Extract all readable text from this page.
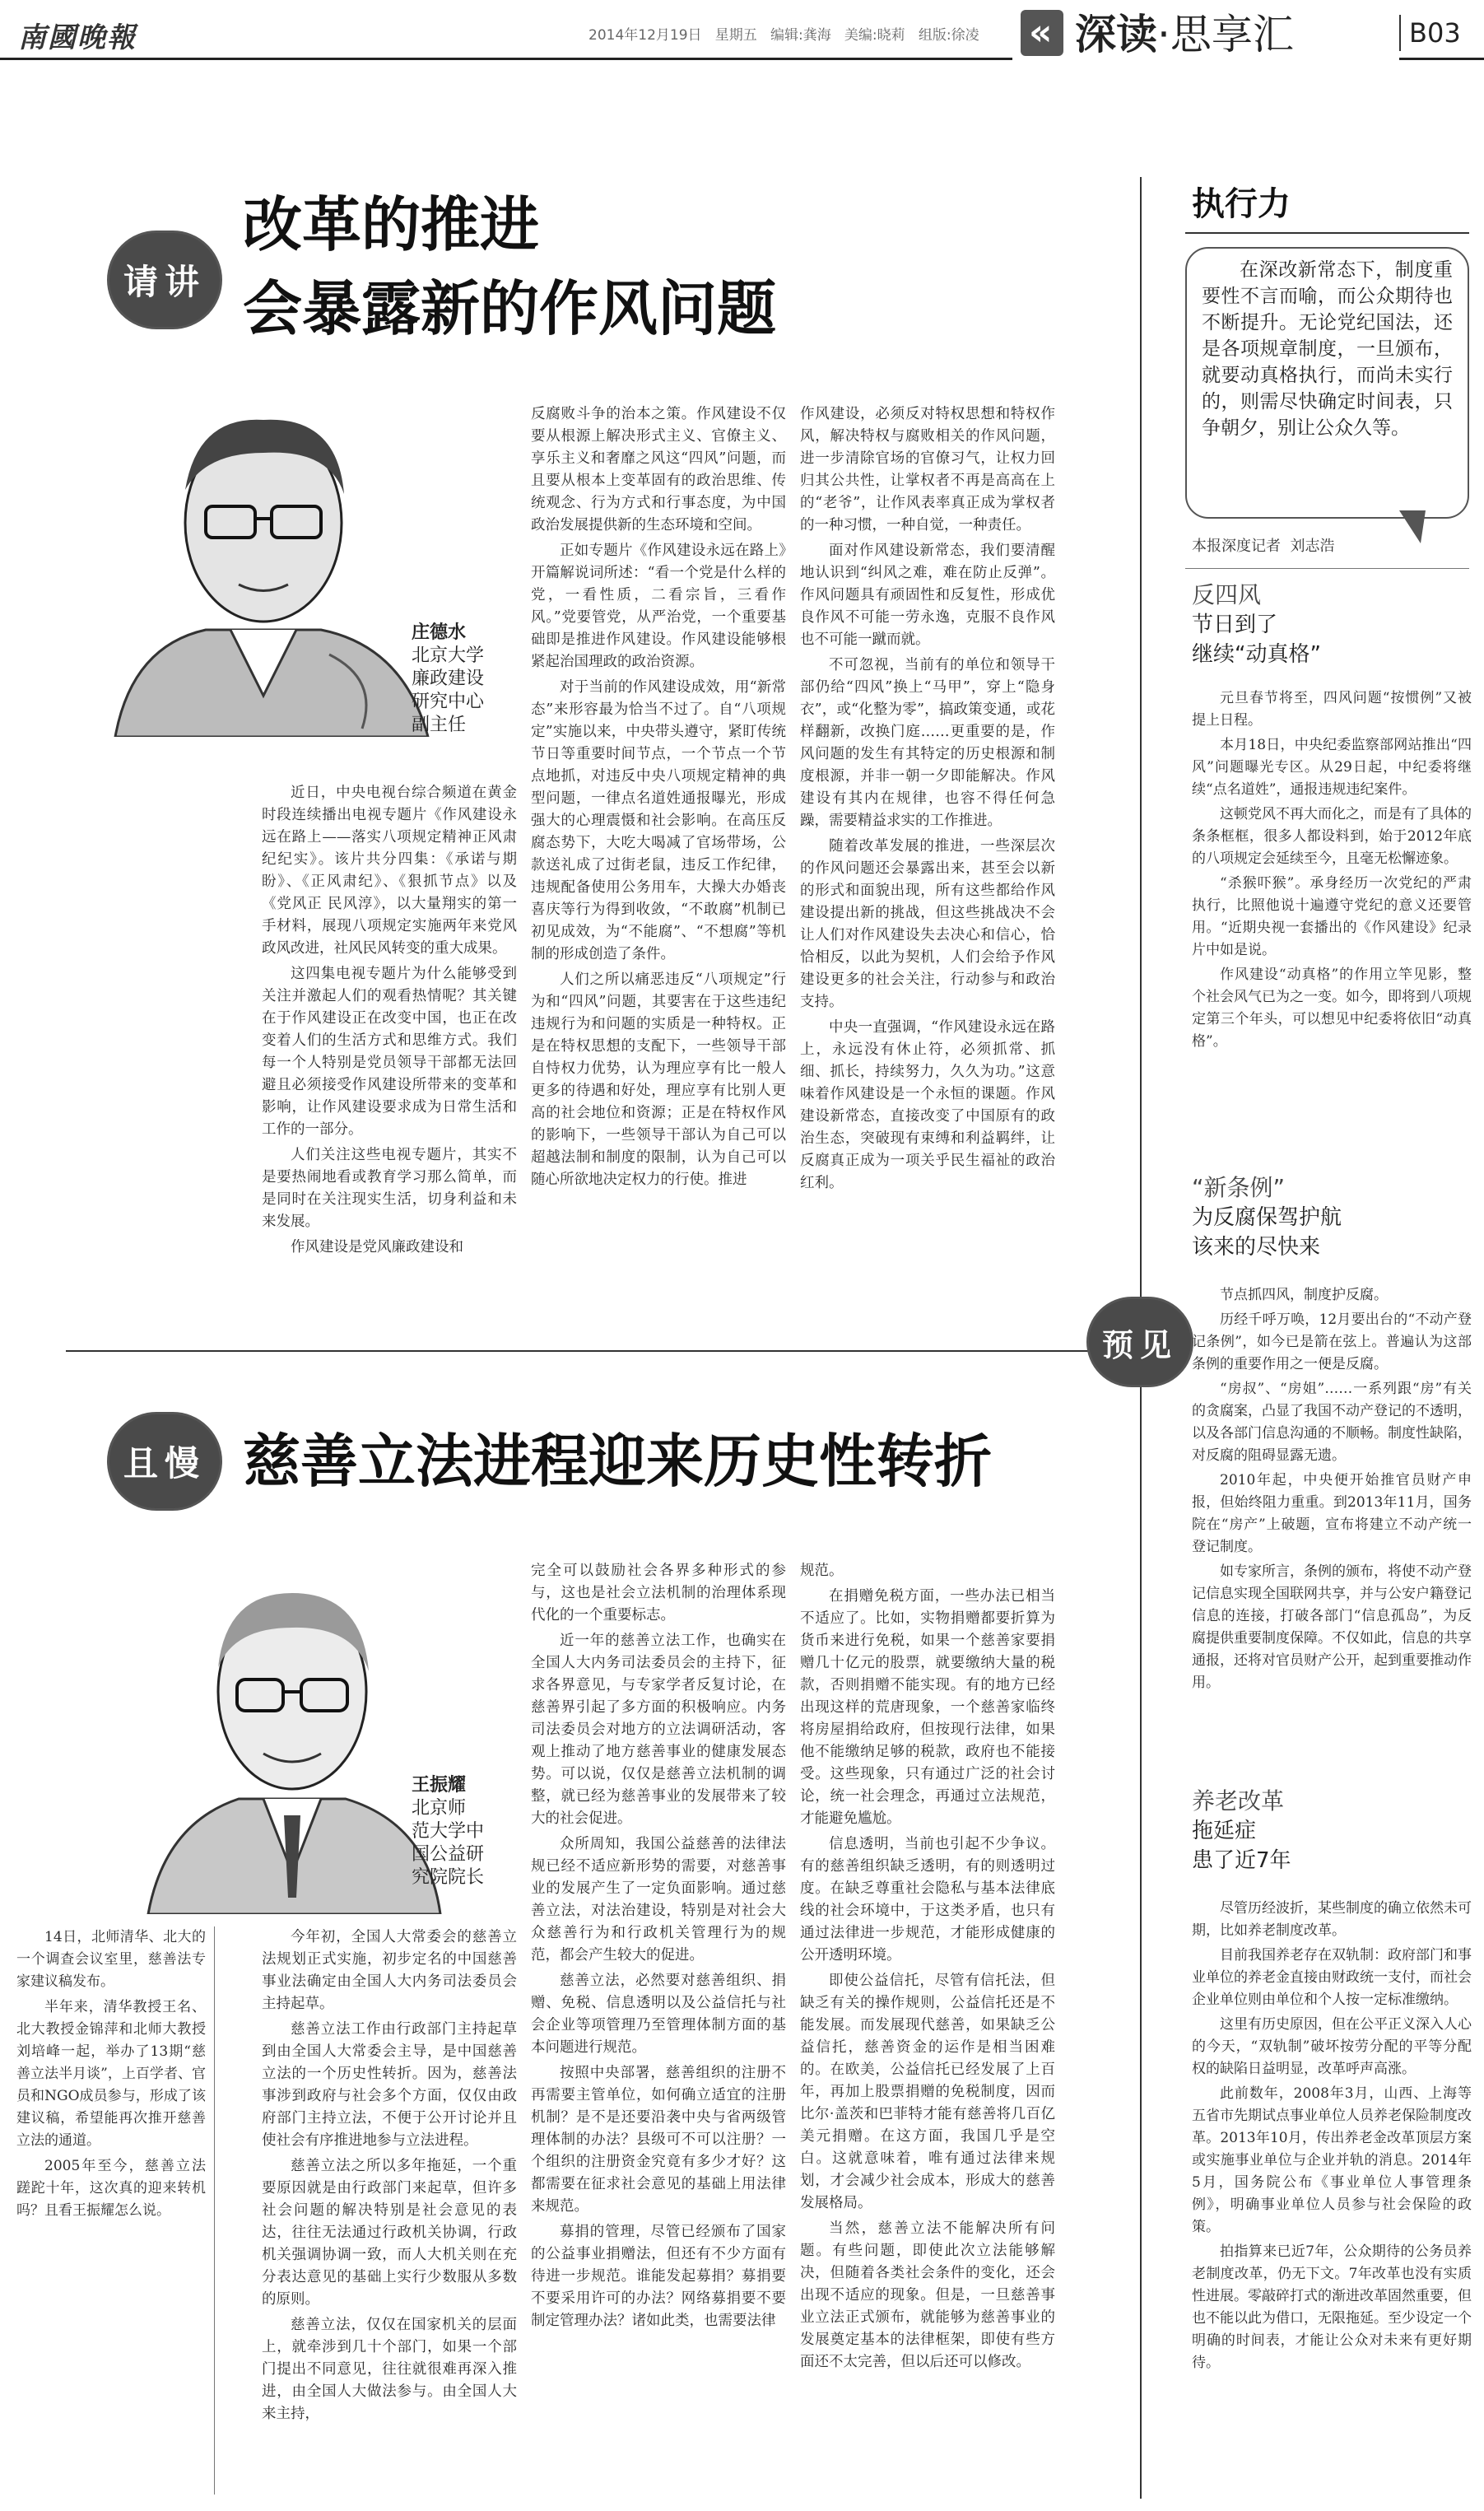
南國晚報	2014年12月19日 星期五 编辑:龚海 美编:晓莉 组版:徐凌 « 深读·思享汇	B03
请讲
改革的推进
会暴露新的作风问题
庄德水
北京大学
廉政建设
研究中心
副主任

近日，中央电视台综合频道在黄金时段连续播出电视专题片《作风建设永远在路上——落实八项规定精神正风肃纪纪实》。该片共分四集：《承诺与期盼》、《正风肃纪》、《狠抓节点》以及《党风正 民风淳》，以大量翔实的第一手材料，展现八项规定实施两年来党风政风改进，社风民风转变的重大成果。

这四集电视专题片为什么能够受到关注并激起人们的观看热情呢？其关键在于作风建设正在改变中国，也正在改变着人们的生活方式和思维方式。我们每一个人特别是党员领导干部都无法回避且必须接受作风建设所带来的变革和影响，让作风建设要求成为日常生活和工作的一部分。

人们关注这些电视专题片，其实不是要热闹地看或教育学习那么简单，而是同时在关注现实生活，切身利益和未来发展。

作风建设是党风廉政建设和

反腐败斗争的治本之策。作风建设不仅要从根源上解决形式主义、官僚主义、享乐主义和奢靡之风这“四风”问题，而且要从根本上变革固有的政治思维、传统观念、行为方式和行事态度，为中国政治发展提供新的生态环境和空间。

正如专题片《作风建设永远在路上》开篇解说词所述：“看一个党是什么样的党，一看性质，二看宗旨，三看作风。”党要管党，从严治党，一个重要基础即是推进作风建设。作风建设能够根紧起治国理政的政治资源。

对于当前的作风建设成效，用“新常态”来形容最为恰当不过了。自“八项规定”实施以来，中央带头遵守，紧盯传统节日等重要时间节点，一个节点一个节点地抓，对违反中央八项规定精神的典型问题，一律点名道姓通报曝光，形成强大的心理震慑和社会影响。在高压反腐态势下，大吃大喝减了官场带场，公款送礼成了过街老鼠，违反工作纪律，违规配备使用公务用车，大操大办婚丧喜庆等行为得到收敛，“不敢腐”机制已初见成效，为“不能腐”、“不想腐”等机制的形成创造了条件。

人们之所以痛恶违反“八项规定”行为和“四风”问题，其要害在于这些违纪违规行为和问题的实质是一种特权。正是在特权思想的支配下，一些领导干部自恃权力优势，认为理应享有比一般人更多的待遇和好处，理应享有比别人更高的社会地位和资源；正是在特权作风的影响下，一些领导干部认为自己可以超越法制和制度的限制，认为自己可以随心所欲地决定权力的行使。推进

作风建设，必须反对特权思想和特权作风，解决特权与腐败相关的作风问题，进一步清除官场的官僚习气，让权力回归其公共性，让掌权者不再是高高在上的“老爷”，让作风表率真正成为掌权者的一种习惯，一种自觉，一种责任。

面对作风建设新常态，我们要清醒地认识到“纠风之难，难在防止反弹”。作风问题具有顽固性和反复性，形成优良作风不可能一劳永逸，克服不良作风也不可能一蹴而就。

不可忽视，当前有的单位和领导干部仍给“四风”换上“马甲”，穿上“隐身衣”，或“化整为零”，搞政策变通，或花样翻新，改换门庭……更重要的是，作风问题的发生有其特定的历史根源和制度根源，并非一朝一夕即能解决。作风建设有其内在规律，也容不得任何急躁，需要精益求实的工作推进。

随着改革发展的推进，一些深层次的作风问题还会暴露出来，甚至会以新的形式和面貌出现，所有这些都给作风建设提出新的挑战，但这些挑战决不会让人们对作风建设失去决心和信心，恰恰相反，以此为契机，人们会给予作风建设更多的社会关注，行动参与和政治支持。

中央一直强调，“作风建设永远在路上，永远没有休止符，必须抓常、抓细、抓长，持续努力，久久为功。”这意味着作风建设是一个永恒的课题。作风建设新常态，直接改变了中国原有的政治生态，突破现有束缚和利益羁绊，让反腐真正成为一项关乎民生福祉的政治红利。

且慢 慈善立法进程迎来历史性转折
王振耀
北京师
范大学中
国公益研
究院院长

14日，北师清华、北大的一个调查会议室里，慈善法专家建议稿发布。

半年来，清华教授王名、北大教授金锦萍和北师大教授刘培峰一起，举办了13期“慈善立法半月谈”，上百学者、官员和NGO成员参与，形成了该建议稿，希望能再次推开慈善立法的通道。

2005年至今，慈善立法蹉跎十年，这次真的迎来转机吗？且看王振耀怎么说。

今年初，全国人大常委会的慈善立法规划正式实施，初步定名的中国慈善事业法确定由全国人大内务司法委员会主持起草。

慈善立法工作由行政部门主持起草到由全国人大常委会主导，是中国慈善立法的一个历史性转折。因为，慈善法事涉到政府与社会多个方面，仅仅由政府部门主持立法，不便于公开讨论并且使社会有序推进地参与立法进程。

慈善立法之所以多年拖延，一个重要原因就是由行政部门来起草，但许多社会问题的解决特别是社会意见的表达，往往无法通过行政机关协调，行政机关强调协调一致，而人大机关则在充分表达意见的基础上实行少数服从多数的原则。

慈善立法，仅仅在国家机关的层面上，就牵涉到几十个部门，如果一个部门提出不同意见，往往就很难再深入推进，由全国人大做法参与。由全国人大来主持，

完全可以鼓励社会各界多种形式的参与，这也是社会立法机制的治理体系现代化的一个重要标志。

近一年的慈善立法工作，也确实在全国人大内务司法委员会的主持下，征求各界意见，与专家学者反复讨论，在慈善界引起了多方面的积极响应。内务司法委员会对地方的立法调研活动，客观上推动了地方慈善事业的健康发展态势。可以说，仅仅是慈善立法机制的调整，就已经为慈善事业的发展带来了较大的社会促进。

众所周知，我国公益慈善的法律法规已经不适应新形势的需要，对慈善事业的发展产生了一定负面影响。通过慈善立法，对法治建设，特别是对社会大众慈善行为和行政机关管理行为的规范，都会产生较大的促进。

慈善立法，必然要对慈善组织、捐赠、免税、信息透明以及公益信托与社会企业等项管理乃至管理体制方面的基本问题进行规范。

按照中央部署，慈善组织的注册不再需要主管单位，如何确立适宜的注册机制？是不是还要沿袭中央与省两级管理体制的办法？县级可不可以注册？一个组织的注册资金究竟有多少才好？这都需要在征求社会意见的基础上用法律来规范。

募捐的管理，尽管已经颁布了国家的公益事业捐赠法，但还有不少方面有待进一步规范。谁能发起募捐？募捐要不要采用许可的办法？网络募捐要不要制定管理办法？诸如此类，也需要法律

规范。

在捐赠免税方面，一些办法已相当不适应了。比如，实物捐赠都要折算为货币来进行免税，如果一个慈善家要捐赠几十亿元的股票，就要缴纳大量的税款，否则捐赠不能实现。有的地方已经出现这样的荒唐现象，一个慈善家临终将房屋捐给政府，但按现行法律，如果他不能缴纳足够的税款，政府也不能接受。这些现象，只有通过广泛的社会讨论，统一社会理念，再通过立法规范，才能避免尴尬。

信息透明，当前也引起不少争议。有的慈善组织缺乏透明，有的则透明过度。在缺乏尊重社会隐私与基本法律底线的社会环境中，于这类矛盾，也只有通过法律进一步规范，才能形成健康的公开透明环境。

即使公益信托，尽管有信托法，但缺乏有关的操作规则，公益信托还是不能发展。而发展现代慈善，如果缺乏公益信托，慈善资金的运作是相当困难的。在欧美，公益信托已经发展了上百年，再加上股票捐赠的免税制度，因而比尔·盖茨和巴菲特才能有慈善将几百亿美元捐赠。在这方面，我国几乎是空白。这就意味着，唯有通过法律来规划，才会减少社会成本，形成大的慈善发展格局。

当然，慈善立法不能解决所有问题。有些问题，即使此次立法能够解决，但随着各类社会条件的变化，还会出现不适应的现象。但是，一旦慈善事业立法正式颁布，就能够为慈善事业的发展奠定基本的法律框架，即使有些方面还不太完善，但以后还可以修改。

执行力
在深改新常态下，制度重要性不言而喻，而公众期待也不断提升。无论党纪国法，还是各项规章制度，一旦颁布，就要动真格执行，而尚未实行的，则需尽快确定时间表，只争朝夕，别让公众久等。
本报深度记者  刘志浩
反四风
节日到了
继续“动真格”

元旦春节将至，四风问题“按惯例”又被提上日程。

本月18日，中央纪委监察部网站推出“四风”问题曝光专区。从29日起，中纪委将继续“点名道姓”，通报违规违纪案件。

这顿党风不再大而化之，而是有了具体的条条框框，很多人都设料到，始于2012年底的八项规定会延续至今，且毫无松懈迹象。

“杀猴吓猴”。承身经历一次党纪的严肃执行，比照他说十遍遵守党纪的意义还要管用。“近期央视一套播出的《作风建设》纪录片中如是说。

作风建设“动真格”的作用立竿见影，整个社会风气已为之一变。如今，即将到八项规定第三个年头，可以想见中纪委将依旧“动真格”。

“新条例”
为反腐保驾护航
该来的尽快来
预见

节点抓四风，制度护反腐。

历经千呼万唤，12月要出台的“不动产登记条例”，如今已是箭在弦上。普遍认为这部条例的重要作用之一便是反腐。

“房叔”、“房姐”……一系列跟“房”有关的贪腐案，凸显了我国不动产登记的不透明，以及各部门信息沟通的不顺畅。制度性缺陷，对反腐的阻碍显露无遗。

2010年起，中央便开始推官员财产申报，但始终阻力重重。到2013年11月，国务院在“房产”上破题，宣布将建立不动产统一登记制度。

如专家所言，条例的颁布，将使不动产登记信息实现全国联网共享，并与公安户籍登记信息的连接，打破各部门“信息孤岛”，为反腐提供重要制度保障。不仅如此，信息的共享通报，还将对官员财产公开，起到重要推动作用。

养老改革
拖延症
患了近7年

尽管历经波折，某些制度的确立依然未可期，比如养老制度改革。

目前我国养老存在双轨制：政府部门和事业单位的养老金直接由财政统一支付，而社会企业单位则由单位和个人按一定标准缴纳。

这里有历史原因，但在公平正义深入人心的今天，“双轨制”破坏按劳分配的平等分配权的缺陷日益明显，改革呼声高涨。

此前数年，2008年3月，山西、上海等五省市先期试点事业单位人员养老保险制度改革。2013年10月，传出养老金改革顶层方案或实施事业单位与企业并轨的消息。2014年5月，国务院公布《事业单位人事管理条例》，明确事业单位人员参与社会保险的政策。

拍指算来已近7年，公众期待的公务员养老制度改革，仍无下文。7年改革也没有实质性进展。零敲碎打式的渐进改革固然重要，但也不能以此为借口，无限拖延。至少设定一个明确的时间表，才能让公众对未来有更好期待。
